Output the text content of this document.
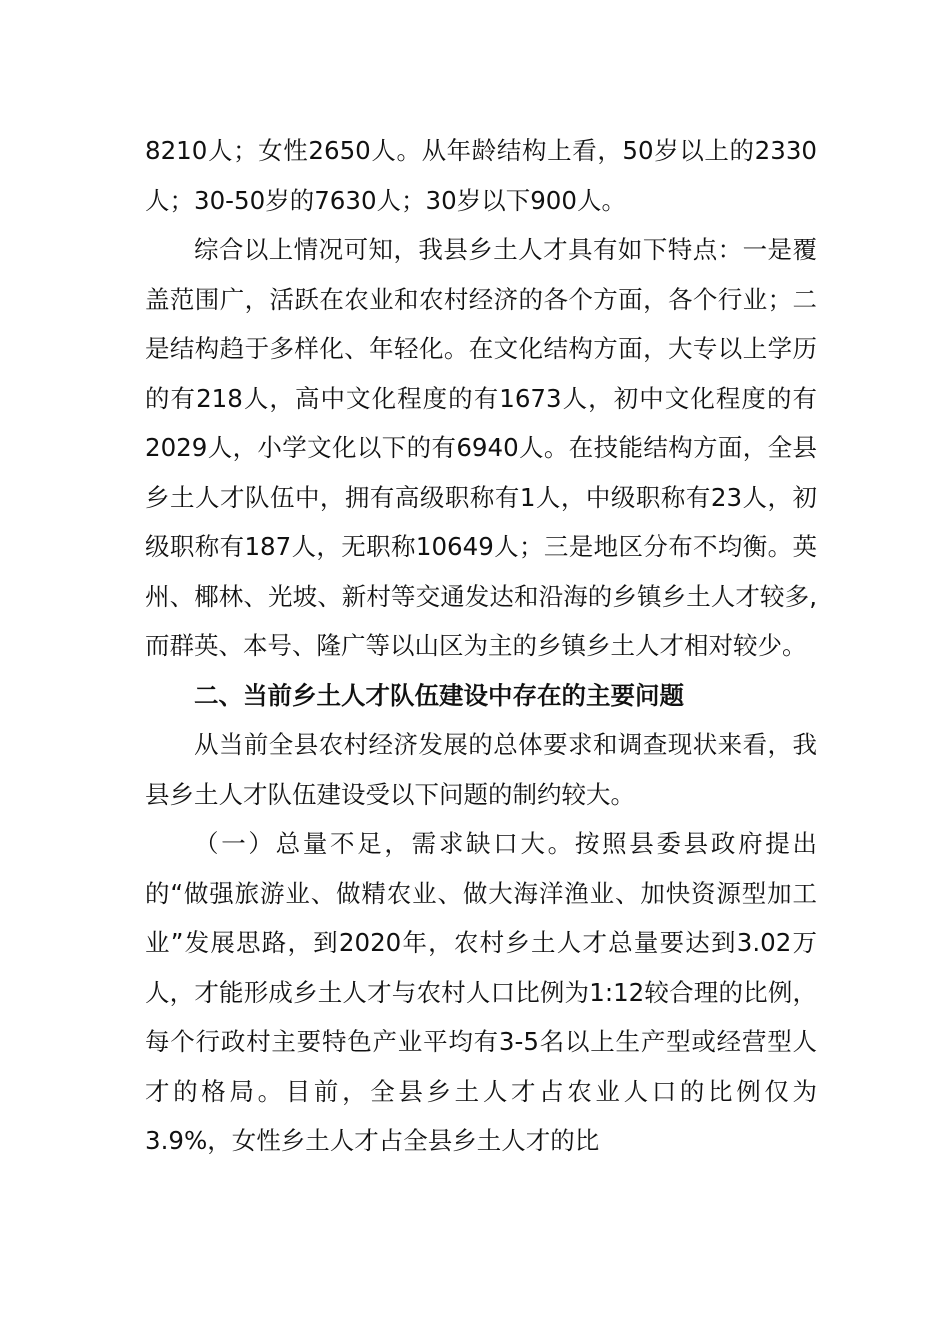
8210人；女性2650人。从年龄结构上看，50岁以上的2330人；30-50岁的7630人；30岁以下900人。

综合以上情况可知，我县乡土人才具有如下特点：一是覆盖范围广，活跃在农业和农村经济的各个方面，各个行业；二是结构趋于多样化、年轻化。在文化结构方面，大专以上学历的有218人，高中文化程度的有1673人，初中文化程度的有2029人，小学文化以下的有6940人。在技能结构方面，全县乡土人才队伍中，拥有高级职称有1人，中级职称有23人，初级职称有187人，无职称10649人；三是地区分布不均衡。英州、椰林、光坡、新村等交通发达和沿海的乡镇乡土人才较多,而群英、本号、隆广等以山区为主的乡镇乡土人才相对较少。

二、当前乡土人才队伍建设中存在的主要问题

从当前全县农村经济发展的总体要求和调查现状来看，我县乡土人才队伍建设受以下问题的制约较大。

（一）总量不足，需求缺口大。按照县委县政府提出的“做强旅游业、做精农业、做大海洋渔业、加快资源型加工业”发展思路，到2020年，农村乡土人才总量要达到3.02万人，才能形成乡土人才与农村人口比例为1:12较合理的比例，每个行政村主要特色产业平均有3-5名以上生产型或经营型人才的格局。目前，全县乡土人才占农业人口的比例仅为3.9%，女性乡土人才占全县乡土人才的比
